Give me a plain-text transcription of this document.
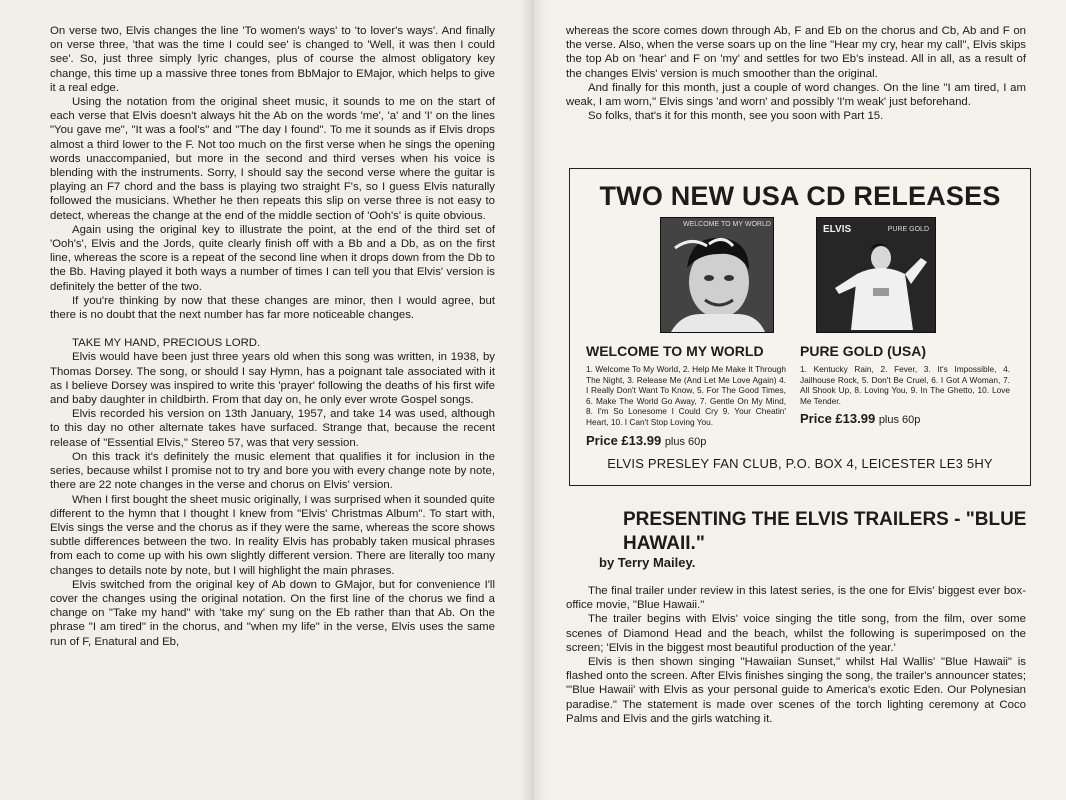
On verse two, Elvis changes the line 'To women's ways' to 'to lover's ways'. And finally on verse three, 'that was the time I could see' is changed to 'Well, it was then I could see'. So, just three simply lyric changes, plus of course the almost obligatory key change, this time up a massive three tones from BbMajor to EMajor, which helps to give it a real edge.

Using the notation from the original sheet music, it sounds to me on the start of each verse that Elvis doesn't always hit the Ab on the words 'me', 'a' and 'I' on the lines "You gave me", "It was a fool's" and "The day I found". To me it sounds as if Elvis drops almost a third lower to the F. Not too much on the first verse when he sings the opening words unaccompanied, but more in the second and third verses when his voice is blending with the instruments. Sorry, I should say the second verse where the guitar is playing an F7 chord and the bass is playing two straight F's, so I guess Elvis naturally followed the musicians. Whether he then repeats this slip on verse three is not easy to detect, whereas the change at the end of the middle section of 'Ooh's' is quite obvious.

Again using the original key to illustrate the point, at the end of the third set of 'Ooh's', Elvis and the Jords, quite clearly finish off with a Bb and a Db, as on the first line, whereas the score is a repeat of the second line when it drops down from the Db to the Bb. Having played it both ways a number of times I can tell you that Elvis' version is definitely the better of the two.

If you're thinking by now that these changes are minor, then I would agree, but there is no doubt that the next number has far more noticeable changes.

TAKE MY HAND, PRECIOUS LORD.

Elvis would have been just three years old when this song was written, in 1938, by Thomas Dorsey. The song, or should I say Hymn, has a poignant tale associated with it as I believe Dorsey was inspired to write this 'prayer' following the deaths of his first wife and baby daughter in childbirth. From that day on, he only ever wrote Gospel songs.

Elvis recorded his version on 13th January, 1957, and take 14 was used, although to this day no other alternate takes have surfaced. Strange that, because the recent release of "Essential Elvis," Stereo 57, was that very session.

On this track it's definitely the music element that qualifies it for inclusion in the series, because whilst I promise not to try and bore you with every change note by note, there are 22 note changes in the verse and chorus on Elvis' version.

When I first bought the sheet music originally, I was surprised when it sounded quite different to the hymn that I thought I knew from "Elvis' Christmas Album". To start with, Elvis sings the verse and the chorus as if they were the same, whereas the score shows subtle differences between the two. In reality Elvis has probably taken musical phrases from each to come up with his own slightly different version. There are literally too many changes to details note by note, but I will highlight the main phrases.

Elvis switched from the original key of Ab down to GMajor, but for convenience I'll cover the changes using the original notation. On the first line of the chorus we find a change on "Take my hand" with 'take my' sung on the Eb rather than that Ab. On the phrase "I am tired" in the chorus, and "when my life" in the verse, Elvis uses the same run of F, Enatural and Eb,

whereas the score comes down through Ab, F and Eb on the chorus and Cb, Ab and F on the verse. Also, when the verse soars up on the line "Hear my cry, hear my call", Elvis skips the top Ab on 'hear' and F on 'my' and settles for two Eb's instead. All in all, as a result of the changes Elvis' version is much smoother than the original.

And finally for this month, just a couple of word changes. On the line "I am tired, I am weak, I am worn," Elvis sings 'and worn' and possibly 'I'm weak' just beforehand.

So folks, that's it for this month, see you soon with Part 15.

TWO NEW USA CD RELEASES
WELCOME TO MY WORLD	ELVIS	PURE GOLD
WELCOME TO MY WORLD
1. Welcome To My World, 2. Help Me Make It Through The Night, 3. Release Me (And Let Me Love Again) 4. I Really Don't Want To Know, 5. For The Good Times, 6. Make The World Go Away, 7. Gentle On My Mind, 8. I'm So Lonesome I Could Cry 9. Your Cheatin' Heart, 10. I Can't Stop Loving You.
Price £13.99 plus 60p
PURE GOLD (USA)
1. Kentucky Rain, 2. Fever, 3. It's Impossible, 4. Jailhouse Rock, 5. Don't Be Cruel, 6. I Got A Woman, 7. All Shook Up, 8. Loving You, 9. In The Ghetto, 10. Love Me Tender.
Price £13.99 plus 60p
ELVIS PRESLEY FAN CLUB, P.O. BOX 4, LEICESTER LE3 5HY
PRESENTING THE ELVIS TRAILERS - "BLUE HAWAII."
by Terry Mailey.

The final trailer under review in this latest series, is the one for Elvis' biggest ever box-office movie, "Blue Hawaii."

The trailer begins with Elvis' voice singing the title song, from the film, over some scenes of Diamond Head and the beach, whilst the following is superimposed on the screen; 'Elvis in the biggest most beautiful production of the year.'

Elvis is then shown singing "Hawaiian Sunset," whilst Hal Wallis' "Blue Hawaii" is flashed onto the screen. After Elvis finishes singing the song, the trailer's announcer states; "'Blue Hawaii' with Elvis as your personal guide to America's exotic Eden. Our Polynesian paradise." The statement is made over scenes of the torch lighting ceremony at Coco Palms and Elvis and the girls watching it.
